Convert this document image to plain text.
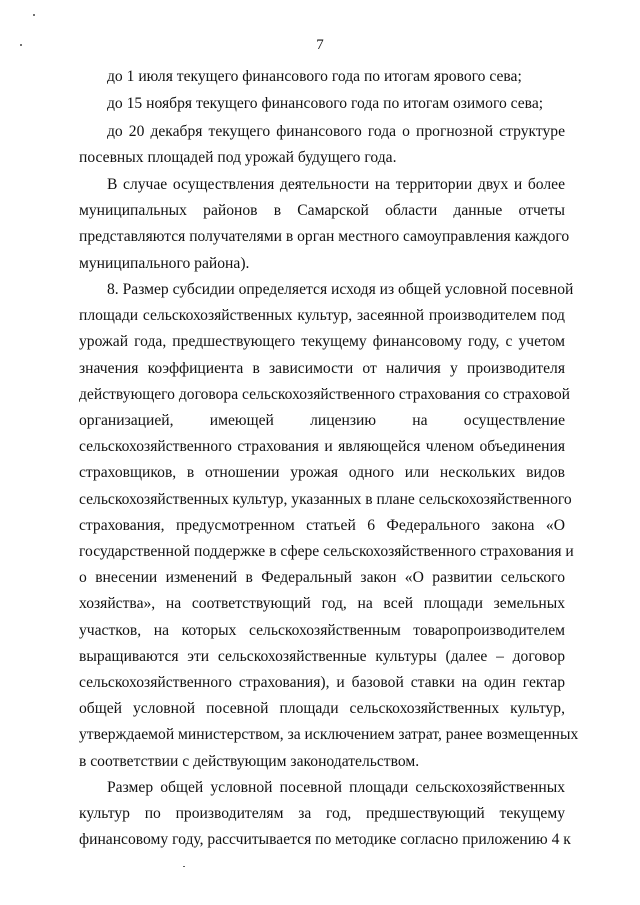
7
до 1 июля текущего финансового года по итогам ярового сева;
до 15 ноября текущего финансового года по итогам озимого сева;
до 20 декабря текущего финансового года о прогнозной структуре
посевных площадей под урожай будущего года.
В случае осуществления деятельности на территории двух и более
муниципальных районов в Самарской области данные отчеты
представляются получателями в орган местного самоуправления каждого
муниципального района).
8. Размер субсидии определяется исходя из общей условной посевной
площади сельскохозяйственных культур, засеянной производителем под
урожай года, предшествующего текущему финансовому году, с учетом
значения коэффициента в зависимости от наличия у производителя
действующего договора сельскохозяйственного страхования со страховой
организацией, имеющей лицензию на осуществление
сельскохозяйственного страхования и являющейся членом объединения
страховщиков, в отношении урожая одного или нескольких видов
сельскохозяйственных культур, указанных в плане сельскохозяйственного
страхования, предусмотренном статьей 6 Федерального закона «О
государственной поддержке в сфере сельскохозяйственного страхования и
о внесении изменений в Федеральный закон «О развитии сельского
хозяйства», на соответствующий год, на всей площади земельных
участков, на которых сельскохозяйственным товаропроизводителем
выращиваются эти сельскохозяйственные культуры (далее – договор
сельскохозяйственного страхования), и базовой ставки на один гектар
общей условной посевной площади сельскохозяйственных культур,
утверждаемой министерством, за исключением затрат, ранее возмещенных
в соответствии с действующим законодательством.
Размер общей условной посевной площади сельскохозяйственных
культур по производителям за год, предшествующий текущему
финансовому году, рассчитывается по методике согласно приложению 4 к
